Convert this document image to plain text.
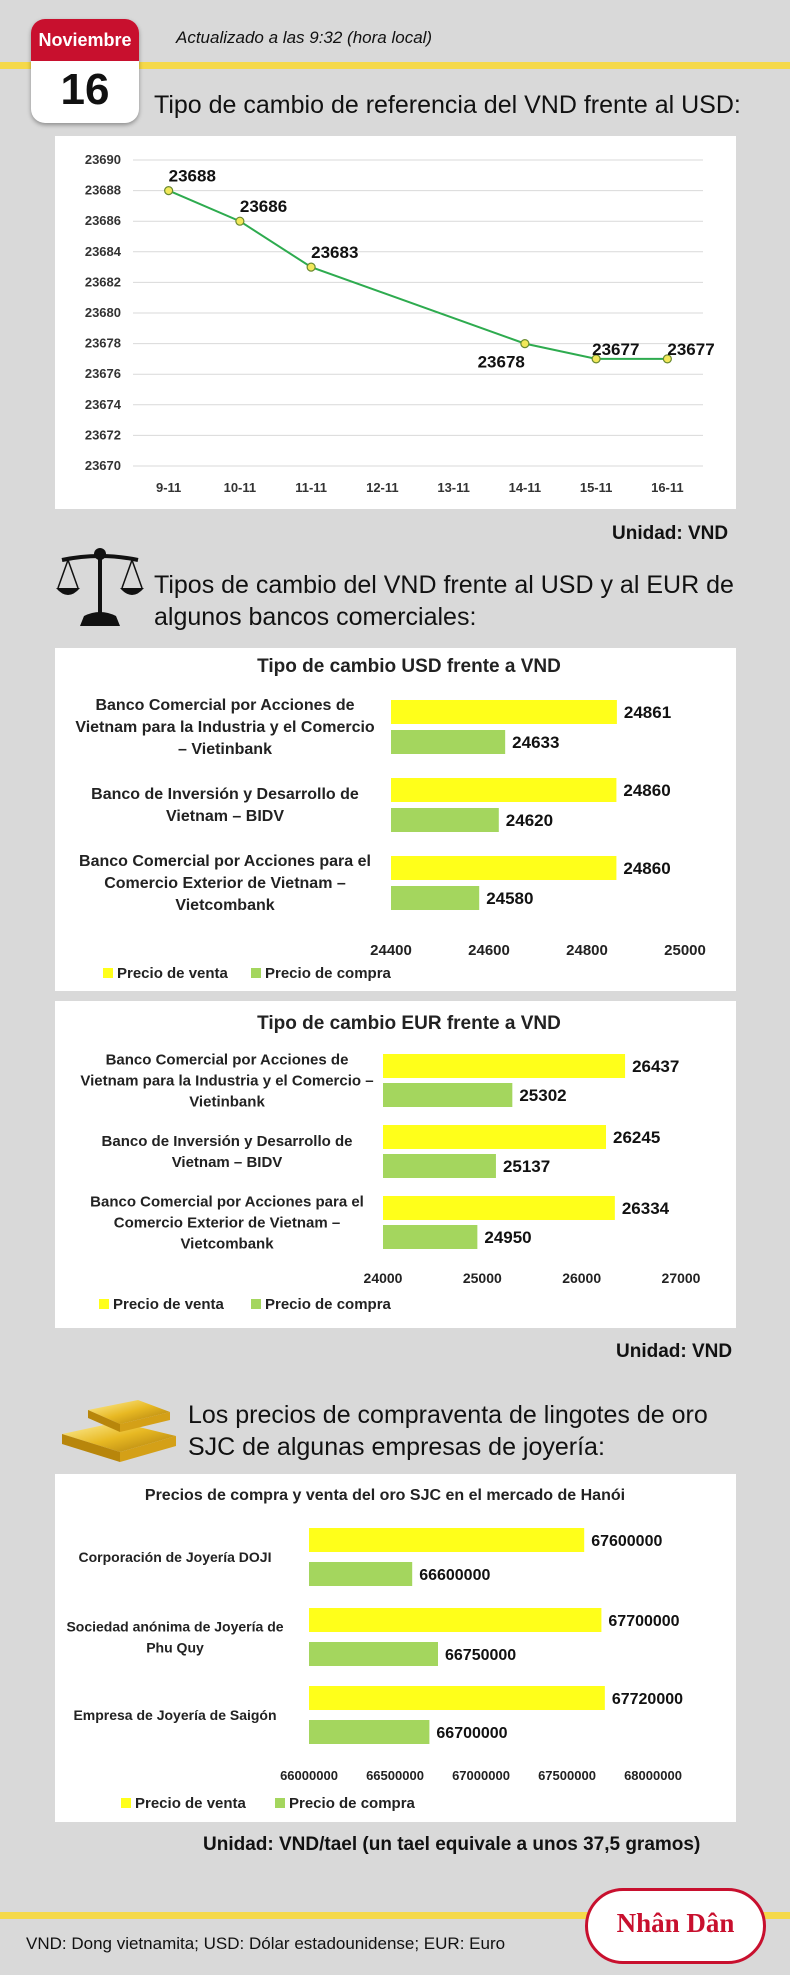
Noviembre
16
Actualizado a las 9:32 (hora local)
Tipo de cambio de referencia del VND frente al USD:
23690
23688
23686
23684
23682
23680
23678
23676
23674
23672
23670
9-11	10-11	11-11	12-11	13-11	14-11	15-11	16-11
23688
23686
23683
23678
23677 23677
Unidad: VND
Tipos de cambio del VND frente al USD y al EUR de
algunos bancos comerciales:
Tipo de cambio USD frente a VND
Banco Comercial por Acciones de
Vietnam para la Industria y el Comercio
– Vietinbank
24861
24633
Banco de Inversión y Desarrollo de
Vietnam – BIDV
24860
24620
Banco Comercial por Acciones para el
Comercio Exterior de Vietnam –
Vietcombank
24860
24580
24400	24600	24800	25000
Precio de venta Precio de compra
Tipo de cambio EUR frente a VND
Banco Comercial por Acciones de
Vietnam para la Industria y el Comercio –
Vietinbank
26437
25302
Banco de Inversión y Desarrollo de
Vietnam – BIDV
26245
25137
Banco Comercial por Acciones para el
Comercio Exterior de Vietnam –
Vietcombank
26334
24950
24000	25000	26000	27000
Precio de venta	Precio de compra
Unidad: VND
Los precios de compraventa de lingotes de oro
SJC de algunas empresas de joyería:
Precios de compra y venta del oro SJC en el mercado de Hanói
Corporación de Joyería DOJI
67600000
66600000
Sociedad anónima de Joyería de
Phu Quy
67700000
66750000
Empresa de Joyería de Saigón
67720000
66700000
66000000 66500000 67000000 67500000 68000000
Precio de venta	Precio de compra
Unidad: VND/tael (un tael equivale a unos 37,5 gramos)
VND: Dong vietnamita; USD: Dólar estadounidense; EUR: Euro
Nhân Dân
